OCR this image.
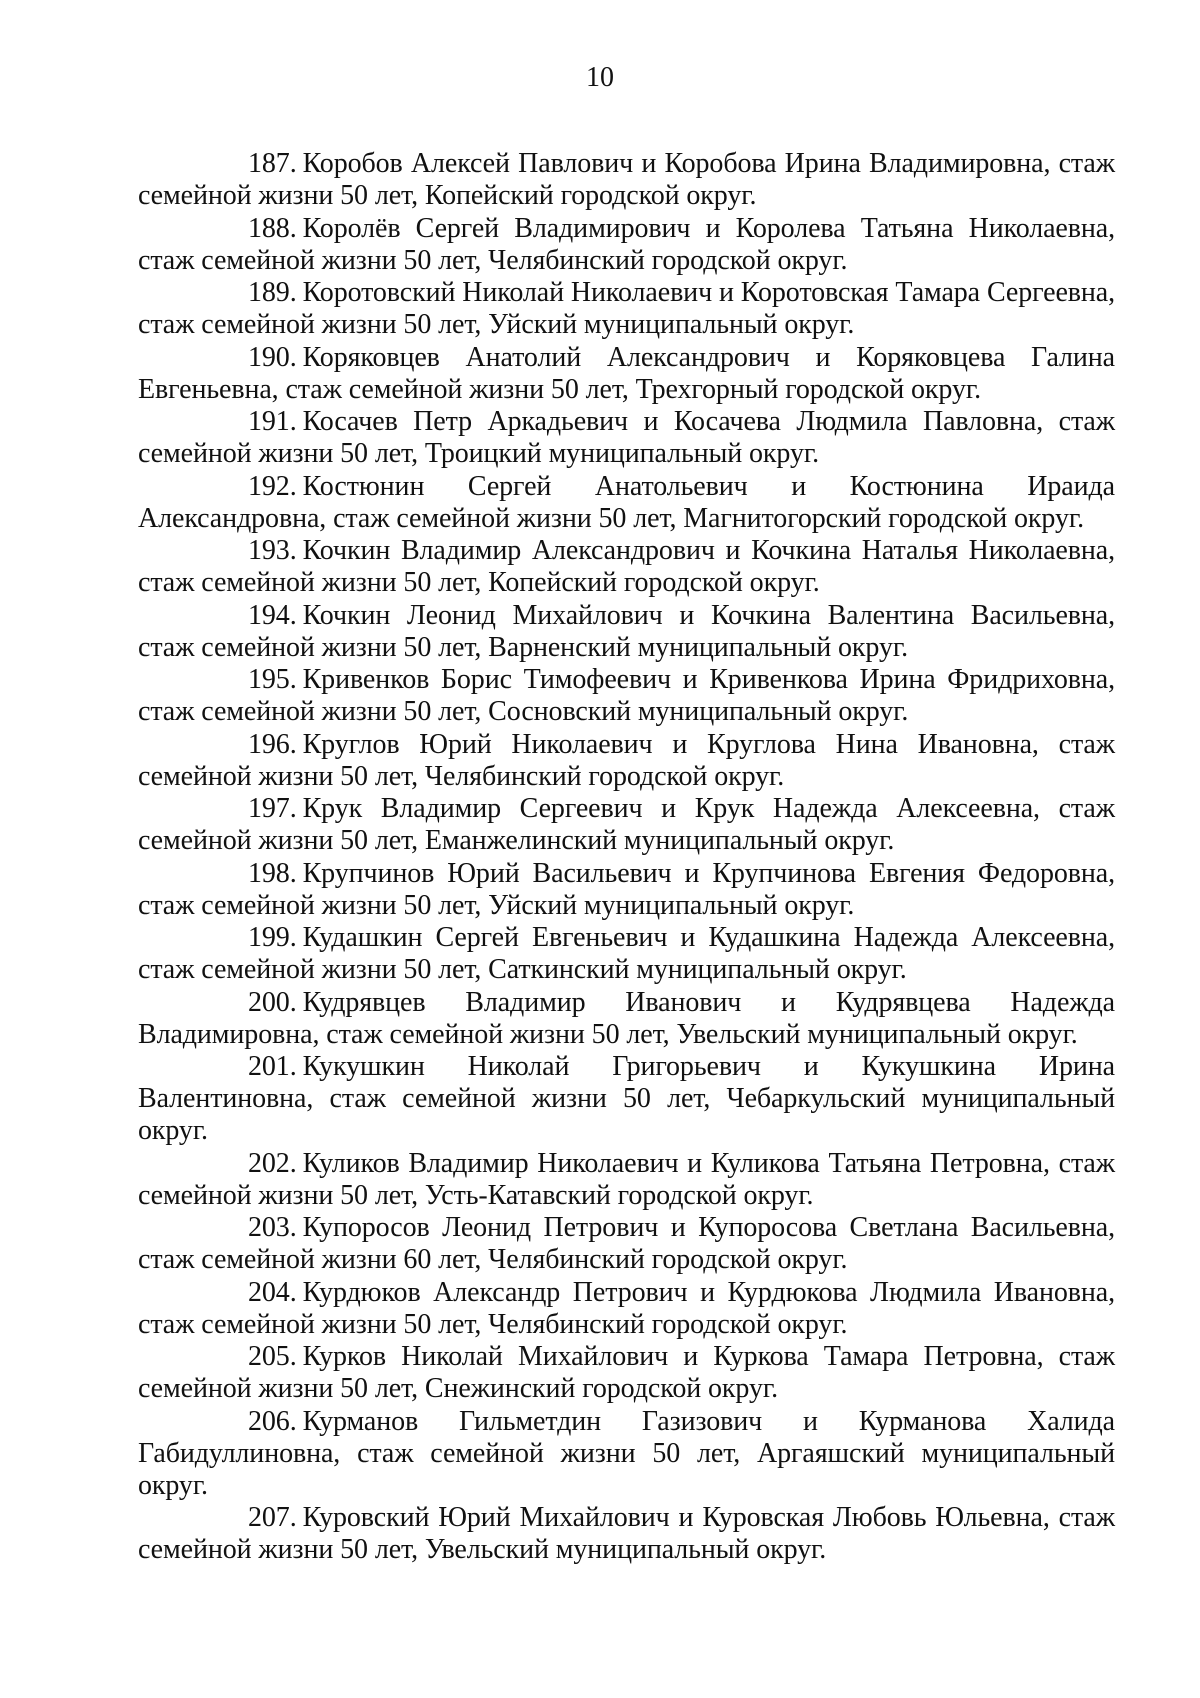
10

187. Коробов Алексей Павлович и Коробова Ирина Владимировна, стаж семейной жизни 50 лет, Копейский городской округ.

188. Королёв Сергей Владимирович и Королева Татьяна Николаевна, стаж семейной жизни 50 лет, Челябинский городской округ.

189. Коротовский Николай Николаевич и Коротовская Тамара Сергеевна, стаж семейной жизни 50 лет, Уйский муниципальный округ.

190. Коряковцев Анатолий Александрович и Коряковцева Галина Евгеньевна, стаж семейной жизни 50 лет, Трехгорный городской округ.

191. Косачев Петр Аркадьевич и Косачева Людмила Павловна, стаж семейной жизни 50 лет, Троицкий муниципальный округ.

192. Костюнин Сергей Анатольевич и Костюнина Ираида Александровна, стаж семейной жизни 50 лет, Магнитогорский городской округ.

193. Кочкин Владимир Александрович и Кочкина Наталья Николаевна, стаж семейной жизни 50 лет, Копейский городской округ.

194. Кочкин Леонид Михайлович и Кочкина Валентина Васильевна, стаж семейной жизни 50 лет, Варненский муниципальный округ.

195. Кривенков Борис Тимофеевич и Кривенкова Ирина Фридриховна, стаж семейной жизни 50 лет, Сосновский муниципальный округ.

196. Круглов Юрий Николаевич и Круглова Нина Ивановна, стаж семейной жизни 50 лет, Челябинский городской округ.

197. Крук Владимир Сергеевич и Крук Надежда Алексеевна, стаж семейной жизни 50 лет, Еманжелинский муниципальный округ.

198. Крупчинов Юрий Васильевич и Крупчинова Евгения Федоровна, стаж семейной жизни 50 лет, Уйский муниципальный округ.

199. Кудашкин Сергей Евгеньевич и Кудашкина Надежда Алексеевна, стаж семейной жизни 50 лет, Саткинский муниципальный округ.

200. Кудрявцев Владимир Иванович и Кудрявцева Надежда Владимировна, стаж семейной жизни 50 лет, Увельский муниципальный округ.

201. Кукушкин Николай Григорьевич и Кукушкина Ирина Валентиновна, стаж семейной жизни 50 лет, Чебаркульский муниципальный округ.

202. Куликов Владимир Николаевич и Куликова Татьяна Петровна, стаж семейной жизни 50 лет, Усть-Катавский городской округ.

203. Купоросов Леонид Петрович и Купоросова Светлана Васильевна, стаж семейной жизни 60 лет, Челябинский городской округ.

204. Курдюков Александр Петрович и Курдюкова Людмила Ивановна, стаж семейной жизни 50 лет, Челябинский городской округ.

205. Курков Николай Михайлович и Куркова Тамара Петровна, стаж семейной жизни 50 лет, Снежинский городской округ.

206. Курманов Гильметдин Газизович и Курманова Халида Габидуллиновна, стаж семейной жизни 50 лет, Аргаяшский муниципальный округ.

207. Куровский Юрий Михайлович и Куровская Любовь Юльевна, стаж семейной жизни 50 лет, Увельский муниципальный округ.
